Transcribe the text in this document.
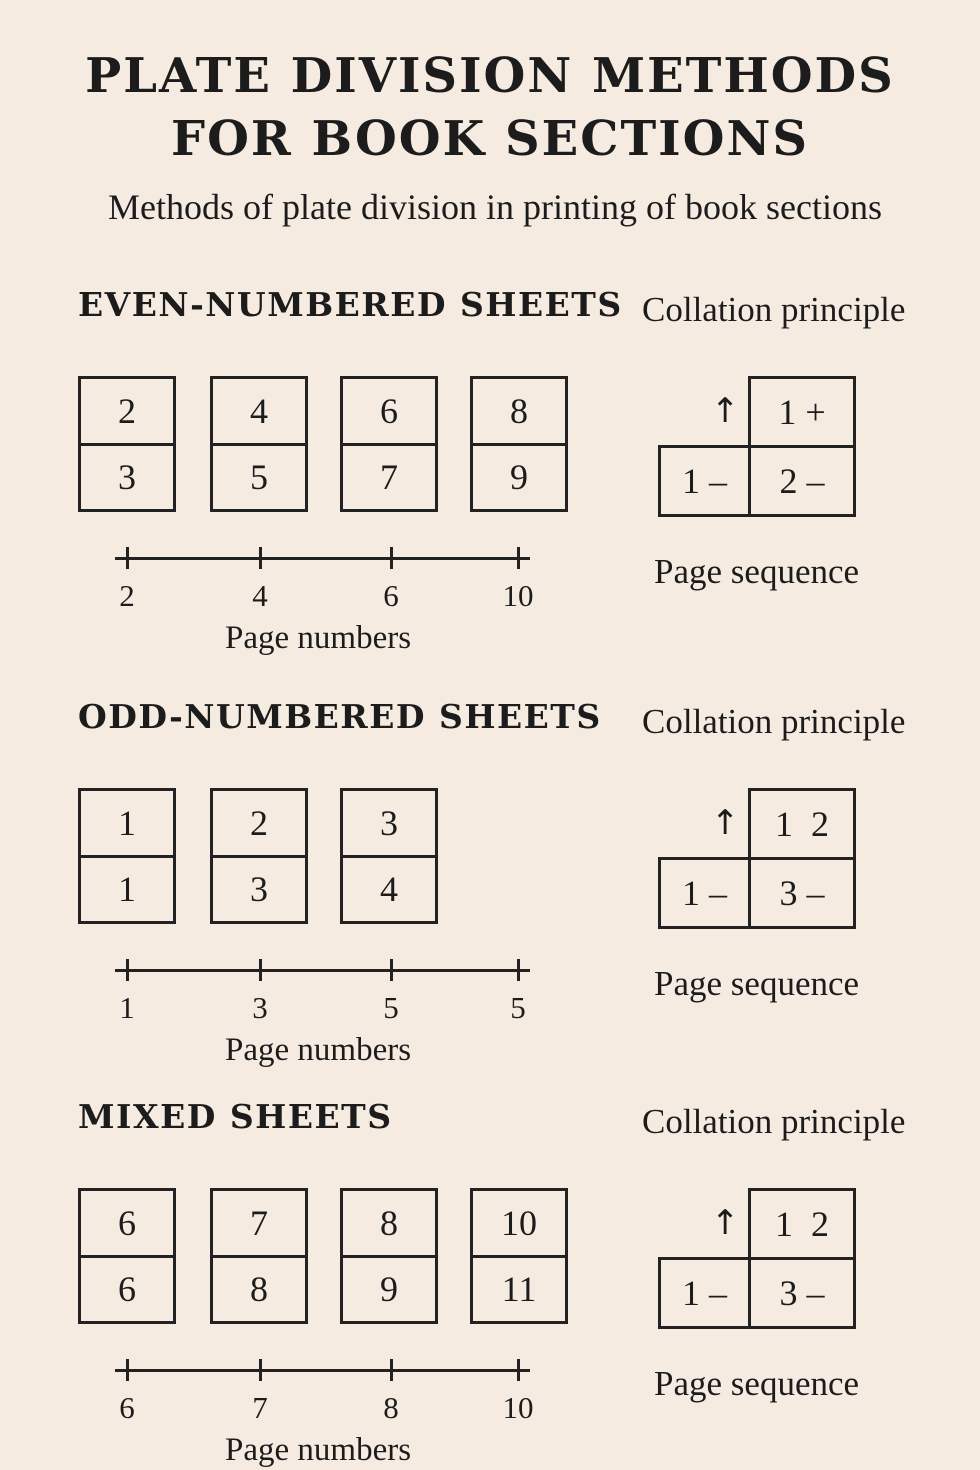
PLATE DIVISION METHODS
FOR BOOK SECTIONS
Methods of plate division in printing of book sections
EVEN-NUMBERED SHEETS Collation principle
2
3
4
5
6
7
8
9
2	4	6	10
Page numbers
1 +
1 –	2 –
↑
Page sequence
ODD-NUMBERED SHEETS Collation principle
1
1
2
3
3
4
1	3	5	5
Page numbers
1  2
1 –	3 –
↑
Page sequence
MIXED SHEETS	Collation principle
6
6
7
8
8
9
10
11
6	7	8	10
Page numbers
1  2
1 –	3 –
↑
Page sequence
